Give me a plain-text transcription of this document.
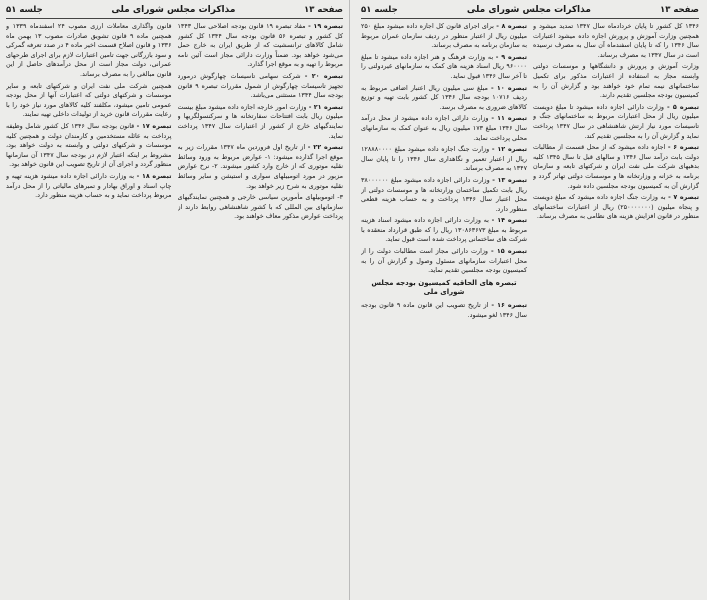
صفحه ۱۳
مذاکرات مجلس شورای ملی
جلسه ۵۱

تبصره ۱۹ - مفاد تبصره ۱۹ قانون بودجه اصلاحی سال ۱۳۴۳ کل کشور و تبصره ۵۶ قانون بودجه سال ۱۳۴۴ کل کشور شامل کالاهای ترانسشیت که از طریق ایران به خارج حمل می‌شود خواهد بود. ضمناً وزارت دارائی مجاز است آئین نامه مربوط را تهیه و به موقع اجرا گذارد.

تبصره ۲۰ - شرکت سهامی تاسیسات چهارگوش درمورد تجهیز تاسیسات چهارگوش از شمول مقررات تبصره ۹ قانون بودجه سال ۱۳۴۴ مستثنی می‌باشد.

تبصره ۲۱ - وزارت امور خارجه اجازه داده میشود مبلغ بیست میلیون ریال بابت افتتاحات سفارتخانه ها و سرکنسولگریها و نمایندگیهای خارج از کشور از اعتبارات سال ۱۳۴۷ پرداخت نماید.

تبصره ۲۲ - از تاریخ اول فروردین ماه ۱۳۴۷ مقررات زیر به موقع اجرا گذارده میشود: ۱- عوارض مربوط به ورود وسائط نقلیه موتوری که از خارج وارد کشور میشوند. ۲- نرخ عوارض مزبور در مورد اتومبیلهای سواری و استیشن و سایر وسائط نقلیه موتوری به شرح زیر خواهد بود.

۳- اتوموبیلهای مأمورین سیاسی خارجی و همچنین نمایندگیهای سازمانهای بین المللی که با کشور شاهنشاهی روابط دارند از پرداخت عوارض مذکور معاف خواهند بود.

قانون واگذاری معاملات ارزی مصوب ۲۴ اسفندماه ۱۳۳۹ و همچنین ماده ۹ قانون تشویق صادرات مصوب ۱۳ بهمن ماه ۱۳۳۶ و قانون اصلاح قسمت اخیر ماده ۴ در صدد تعرفه گمرکی و سود بازرگانی جهت تامین اعتبارات لازم برای اجرای طرحهای عمرانی، دولت مجاز است از محل درآمدهای حاصل از این قانون مبالغی را به مصرف برساند.

همچنین شرکت ملی نفت ایران و شرکتهای تابعه و سایر موسسات و شرکتهای دولتی که اعتبارات آنها از محل بودجه عمومی تامین میشود، مکلفند کلیه کالاهای مورد نیاز خود را با رعایت مقررات قانون خرید از تولیدات داخلی تهیه نمایند.

تبصره ۱۷ - قانون بودجه سال ۱۳۴۶ کل کشور شامل وظیفه پرداخت به عائله مستخدمین و کارمندان دولت و همچنین کلیه موسسات و شرکتهای دولتی و وابسته به دولت خواهد بود، مشروط بر اینکه اعتبار لازم در بودجه سال ۱۳۴۷ آن سازمانها منظور گردد و اجرای آن از تاریخ تصویب این قانون خواهد بود.

تبصره ۱۸ - به وزارت دارائی اجازه داده میشود هزینه تهیه و چاپ اسناد و اوراق بهادار و تمبرهای مالیاتی را از محل درآمد مربوط پرداخت نماید و به حساب هزینه منظور دارد.

صفحه ۱۳
مذاکرات مجلس شورای ملی
جلسه ۵۱

۱۳۴۶ کل کشور تا پایان خردادماه سال ۱۳۴۷ تمدید میشود و همچنین وزارت آموزش و پرورش اجازه داده میشود اعتبارات سال ۱۳۴۶ را که تا پایان اسفندماه آن سال به مصرف نرسیده است در سال ۱۳۴۷ به مصرف برساند.

وزارت آموزش و پرورش و دانشگاهها و موسسات دولتی وابسته مجاز به استفاده از اعتبارات مذکور برای تکمیل ساختمانهای نیمه تمام خود خواهند بود و گزارش آن را به کمیسیون بودجه مجلسین تقدیم دارند.

تبصره ۵ - وزارت دارائی اجازه داده میشود تا مبلغ دویست میلیون ریال از محل اعتبارات مربوط به ساختمانهای جنگ و تاسیسات مورد نیاز ارتش شاهنشاهی در سال ۱۳۴۷ پرداخت نماید و گزارش آن را به مجلسین تقدیم کند.

تبصره ۶ - اجازه داده میشود که از محل قسمت از مطالبات دولت بابت درآمد سال ۱۳۴۶ و سالهای قبل تا سال ۱۳۴۵ کلیه بدهیهای شرکت ملی نفت ایران و شرکتهای تابعه و سازمان برنامه به خزانه و وزارتخانه ها و موسسات دولتی تهاتر گردد و گزارش آن به کمیسیون بودجه مجلسین داده شود.

تبصره ۷ - به وزارت جنگ اجازه داده میشود که مبلغ دویست و پنجاه میلیون (۲۵۰۰۰۰۰۰۰) ریال از اعتبارات ساختمانهای منظور در قانون افزایش هزینه های نظامی به مصرف برساند.

تبصره ۸ - برای اجرای قانون کل اجازه داده میشود مبلغ ۲۵۰ میلیون ریال از اعتبار منظور در ردیف سازمان عمران مربوط به سازمان برنامه به مصرف برساند.

تبصره ۹ - به وزارت فرهنگ و هنر اجازه داده میشود تا مبلغ ۹۶۰۰۰۰ ریال اسناد هزینه های کمک به سازمانهای غیردولتی را تا آخر سال ۱۳۴۶ قبول نماید.

تبصره ۱۰ - مبلغ سی میلیون ریال اعتبار اضافی مربوط به ردیف ۱۰۷۱۶ بودجه سال ۱۳۴۶ کل کشور بابت تهیه و توزیع کالاهای ضروری به مصرف برسد.

تبصره ۱۱ - وزارت دارائی اجازه داده میشود از محل درآمد سال ۱۳۴۶ مبلغ ۱۷۳ میلیون ریال به عنوان کمک به سازمانهای محلی پرداخت نماید.

تبصره ۱۲ - وزارت جنگ اجازه داده میشود مبلغ ۱۲۸۸۸۰۰۰۰ ریال از اعتبار تعمیر و نگاهداری سال ۱۳۴۶ را تا پایان سال ۱۳۴۷ به مصرف برساند.

تبصره ۱۳ - وزارت دارائی اجازه داده میشود مبلغ ۳۸۰۰۰۰۰۰ ریال بابت تکمیل ساختمان وزارتخانه ها و موسسات دولتی از محل اعتبار سال ۱۳۴۶ پرداخت و به حساب هزینه قطعی منظور دارد.

تبصره ۱۴ - به وزارت دارائی اجازه داده میشود اسناد هزینه مربوط به مبلغ ۱۳۰۸۶۳۶۷۳ ریال را که طبق قرارداد منعقده با شرکت های ساختمانی پرداخت شده است قبول نماید.

تبصره ۱۵ - وزارت دارائی مجاز است مطالبات دولت را از محل اعتبارات سازمانهای مسئول وصول و گزارش آن را به کمیسیون بودجه مجلسین تقدیم نماید.

تبصره های الحاقیه کمیسیون بودجه مجلس شورای ملی

تبصره ۱۶ - از تاریخ تصویب این قانون ماده ۹ قانون بودجه سال ۱۳۴۶ لغو میشود.
